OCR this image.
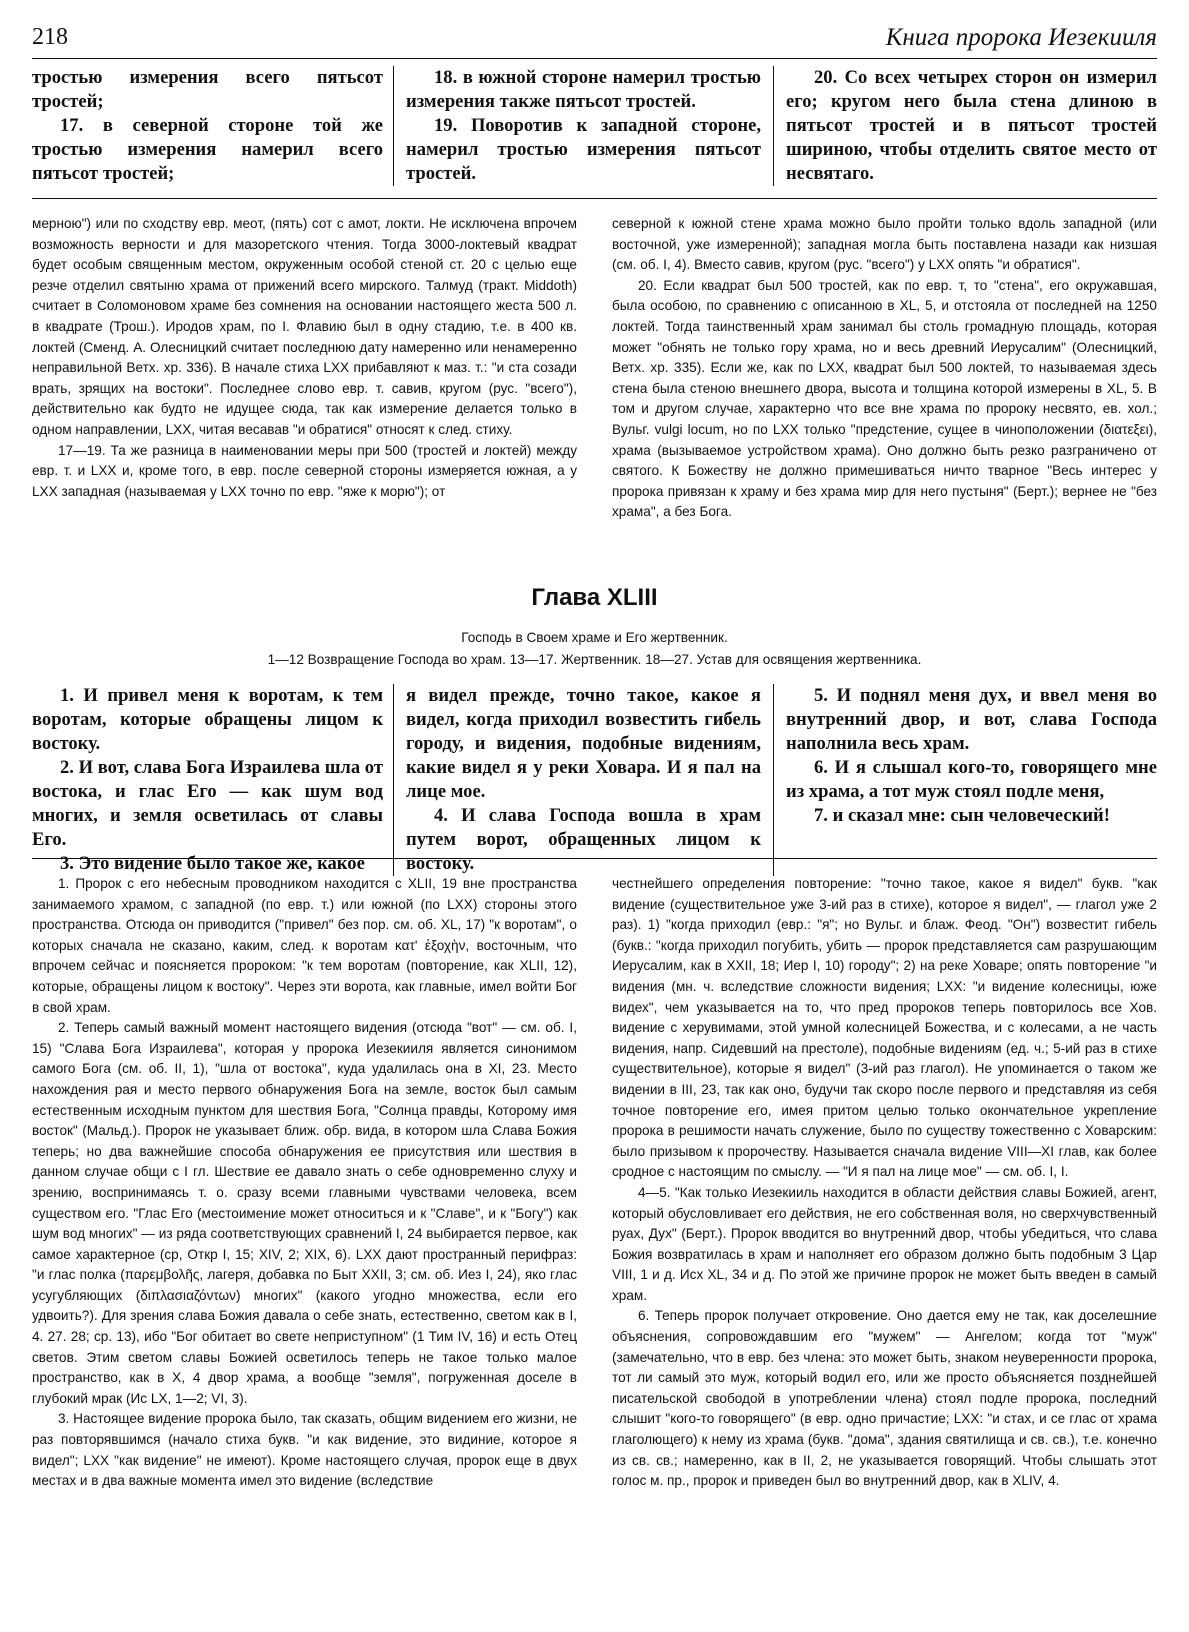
218	Книга пророка Иезекииля

тростью измерения всего пятьсот тростей;

17. в северной стороне той же тростью измерения намерил всего пятьсот тростей;

18. в южной стороне намерил тростью измерения также пятьсот тростей.

19. Поворотив к западной стороне, намерил тростью измерения пятьсот тростей.

20. Со всех четырех сторон он измерил его; кругом него была стена длиною в пятьсот тростей и в пятьсот тростей шириною, чтобы отделить святое место от несвятаго.

мерною") или по сходству евр. меот, (пять) сот с амот, локти. Не исключена впрочем возможность верности и для мазоретского чтения. Тогда 3000-локтевый квадрат будет особым священным местом, окруженным особой стеной ст. 20 с целью еще резче отделил святыню храма от прижений всего мирского. Талмуд (тракт. Middoth) считает в Соломоновом храме без сомнения на основании настоящего жеста 500 л. в квадрате (Трош.). Иродов храм, по I. Флавию был в одну стадию, т.е. в 400 кв. локтей (Сменд. А. Олесницкий считает последнюю дату намеренно или ненамеренно неправильной Ветх. хр. 336). В начале стиха LXX прибавляют к маз. т.: "и ста созади врать, зрящих на востоки". Последнее слово евр. т. савив, кругом (рус. "всего"), действительно как будто не идущее сюда, так как измерение делается только в одном направлении, LXX, читая весавав "и обратися" относят к след. стиху.

17—19. Та же разница в наименовании меры при 500 (тростей и локтей) между евр. т. и LXX и, кроме того, в евр. после северной стороны измеряется южная, а у LXX западная (называемая у LXX точно по евр. "яже к морю"); от

северной к южной стене храма можно было пройти только вдоль западной (или восточной, уже измеренной); западная могла быть поставлена назади как низшая (см. об. I, 4). Вместо савив, кругом (рус. "всего") у LXX опять "и обратися".

20. Если квадрат был 500 тростей, как по евр. т, то "стена", его окружавшая, была особою, по сравнению с описанною в XL, 5, и отстояла от последней на 1250 локтей. Тогда таинственный храм занимал бы столь громадную площадь, которая может "обнять не только гору храма, но и весь древний Иерусалим" (Олесницкий, Ветх. хр. 335). Если же, как по LXX, квадрат был 500 локтей, то называемая здесь стена была стеною внешнего двора, высота и толщина которой измерены в XL, 5. В том и другом случае, характерно что все вне храма по пророку несвято, ев. хол.; Вульг. vulgi locum, но по LXX только "предстение, сущее в чиноположении (διατεξει), храма (вызываемое устройством храма). Оно должно быть резко разграничено от святого. К Божеству не должно примешиваться ничто тварное "Весь интерес у пророка привязан к храму и без храма мир для него пустыня" (Берт.); вернее не "без храма", а без Бога.

Глава XLIII
Господь в Своем храме и Его жертвенник.
1—12 Возвращение Господа во храм. 13—17. Жертвенник. 18—27. Устав для освящения жертвенника.

1. И привел меня к воротам, к тем воротам, которые обращены лицом к востоку.

2. И вот, слава Бога Израилева шла от востока, и глас Его — как шум вод многих, и земля осветилась от славы Его.

3. Это видение было такое же, какое

я видел прежде, точно такое, какое я видел, когда приходил возвестить гибель городу, и видения, подобные видениям, какие видел я у реки Ховара. И я пал на лице мое.

4. И слава Господа вошла в храм путем ворот, обращенных лицом к востоку.

5. И поднял меня дух, и ввел меня во внутренний двор, и вот, слава Господа наполнила весь храм.

6. И я слышал кого-то, говорящего мне из храма, а тот муж стоял подле меня,

7. и сказал мне: сын человеческий!

1. Пророк с его небесным проводником находится с XLII, 19 вне пространства занимаемого храмом, с западной (по евр. т.) или южной (по LXX) стороны этого пространства. Отсюда он приводится ("привел" без пор. см. об. XL, 17) "к воротам", о которых сначала не сказано, каким, след. к воротам κατ' ἐξοχὴν, восточным, что впрочем сейчас и поясняется пророком: "к тем воротам (повторение, как XLII, 12), которые, обращены лицом к востоку". Через эти ворота, как главные, имел войти Бог в свой храм.

2. Теперь самый важный момент настоящего видения (отсюда "вот" — см. об. I, 15) "Слава Бога Израилева", которая у пророка Иезекииля является синонимом самого Бога (см. об. II, 1), "шла от востока", куда удалилась она в XI, 23. Место нахождения рая и место первого обнаружения Бога на земле, восток был самым естественным исходным пунктом для шествия Бога, "Солнца правды, Которому имя восток" (Мальд.). Пророк не указывает ближ. обр. вида, в котором шла Слава Божия теперь; но два важнейшие способа обнаружения ее присутствия или шествия в данном случае общи с I гл. Шествие ее давало знать о себе одновременно слуху и зрению, воспринимаясь т. о. сразу всеми главными чувствами человека, всем существом его. "Глас Его (местоимение может относиться и к "Славе", и к "Богу") как шум вод многих" — из ряда соответствующих сравнений I, 24 выбирается первое, как самое характерное (ср, Откр I, 15; XIV, 2; XIX, 6). LXX дают пространный перифраз: "и глас полка (παρεμβολῆς, лагеря, добавка по Быт XXII, 3; см. об. Иез I, 24), яко глас усугубляющих (διπλασιαζόντων) многих" (какого угодно множества, если его удвоить?). Для зрения слава Божия давала о себе знать, естественно, светом как в I, 4. 27. 28; ср. 13), ибо "Бог обитает во свете неприступном" (1 Тим IV, 16) и есть Отец светов. Этим светом славы Божией осветилось теперь не такое только малое пространство, как в X, 4 двор храма, а вообще "земля", погруженная доселе в глубокий мрак (Ис LX, 1—2; VI, 3).

3. Настоящее видение пророка было, так сказать, общим видением его жизни, не раз повторявшимся (начало стиха букв. "и как видение, это видиние, которое я видел"; LXX "как видение" не имеют). Кроме настоящего случая, пророк еще в двух местах и в два важные момента имел это видение (вследствие

честнейшего определения повторение: "точно такое, какое я видел" букв. "как видение (существительное уже 3-ий раз в стихе), которое я видел", — глагол уже 2 раз). 1) "когда приходил (евр.: "я"; но Вульг. и блаж. Феод. "Он") возвестит гибель (букв.: "когда приходил погубить, убить — пророк представляется сам разрушающим Иерусалим, как в XXII, 18; Иер I, 10) городу"; 2) на реке Ховаре; опять повторение "и видения (мн. ч. вследствие сложности видения; LXX: "и видение колесницы, юже видех", чем указывается на то, что пред пророков теперь повторилось все Хов. видение с херувимами, этой умной колесницей Божества, и с колесами, а не часть видения, напр. Сидевший на престоле), подобные видениям (ед. ч.; 5-ий раз в стихе существительное), которые я видел" (3-ий раз глагол). Не упоминается о таком же видении в III, 23, так как оно, будучи так скоро после первого и представляя из себя точное повторение его, имея притом целью только окончательное укрепление пророка в решимости начать служение, было по существу тожественно с Ховарским: было призывом к пророчеству. Называется сначала видение VIII—XI глав, как более сродное с настоящим по смыслу. — "И я пал на лице мое" — см. об. I, I.

4—5. "Как только Иезекииль находится в области действия славы Божией, агент, который обусловливает его действия, не его собственная воля, но сверхчувственный руах, Дух" (Берт.). Пророк вводится во внутренний двор, чтобы убедиться, что слава Божия возвратилась в храм и наполняет его образом должно быть подобным 3 Цар VIII, 1 и д. Исх XL, 34 и д. По этой же причине пророк не может быть введен в самый храм.

6. Теперь пророк получает откровение. Оно дается ему не так, как доселешние объяснения, сопровождавшим его "мужем" — Ангелом; когда тот "муж" (замечательно, что в евр. без члена: это может быть, знаком неуверенности пророка, тот ли самый это муж, который водил его, или же просто объясняется позднейшей писательской свободой в употреблении члена) стоял подле пророка, последний слышит "кого-то говорящего" (в евр. одно причастие; LXX: "и стах, и се глас от храма глаголющего) к нему из храма (букв. "дома", здания святилища и св. св.), т.е. конечно из св. св.; намеренно, как в II, 2, не указывается говорящий. Чтобы слышать этот голос м. пр., пророк и приведен был во внутренний двор, как в XLIV, 4.
